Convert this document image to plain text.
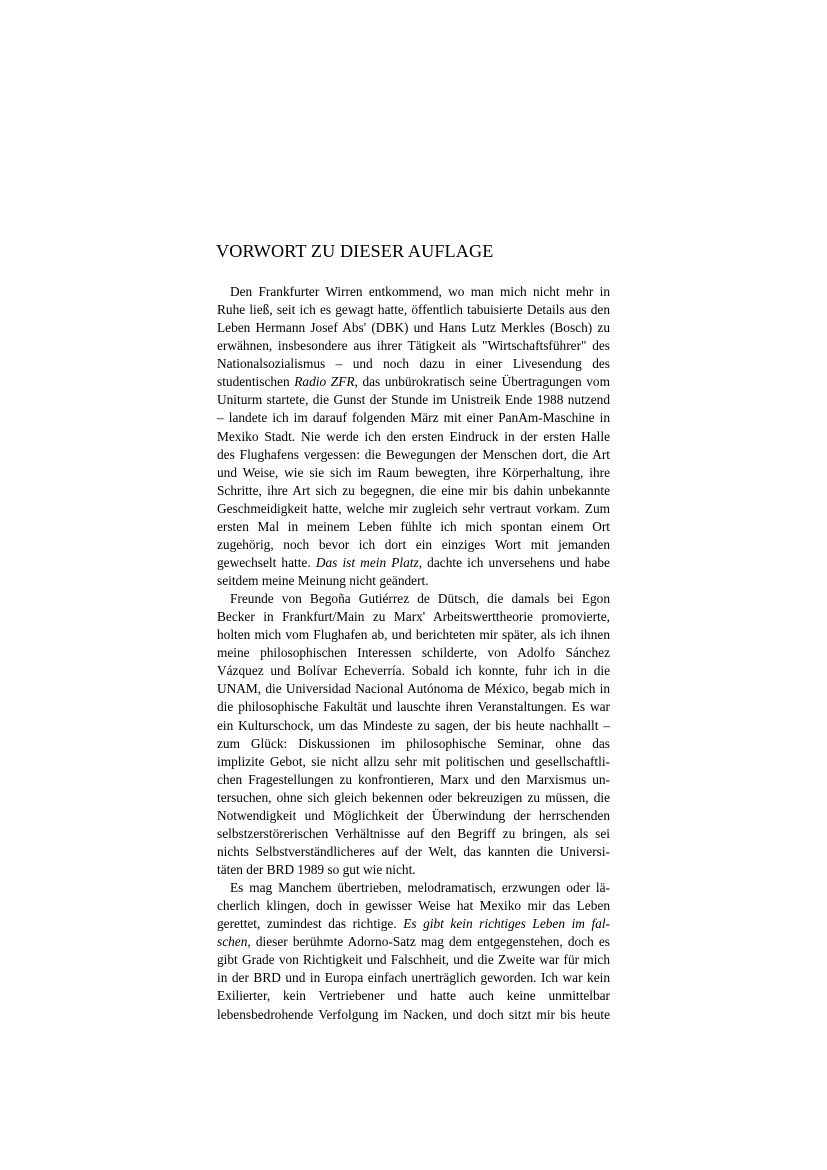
VORWORT ZU DIESER AUFLAGE
Den Frankfurter Wirren entkommend, wo man mich nicht mehr in
Ruhe ließ, seit ich es gewagt hatte, öffentlich tabuisierte Details aus den
Leben Hermann Josef Abs' (DBK) und Hans Lutz Merkles (Bosch) zu
erwähnen, insbesondere aus ihrer Tätigkeit als "Wirtschaftsführer" des
Nationalsozialismus – und noch dazu in einer Livesendung des
studentischen Radio ZFR, das unbürokratisch seine Übertragungen vom
Uniturm startete, die Gunst der Stunde im Unistreik Ende 1988 nutzend
– landete ich im darauf folgenden März mit einer PanAm-Maschine in
Mexiko Stadt. Nie werde ich den ersten Eindruck in der ersten Halle
des Flughafens vergessen: die Bewegungen der Menschen dort, die Art
und Weise, wie sie sich im Raum bewegten, ihre Körperhaltung, ihre
Schritte, ihre Art sich zu begegnen, die eine mir bis dahin unbekannte
Geschmeidigkeit hatte, welche mir zugleich sehr vertraut vorkam. Zum
ersten Mal in meinem Leben fühlte ich mich spontan einem Ort
zugehörig, noch bevor ich dort ein einziges Wort mit jemanden
gewechselt hatte. Das ist mein Platz, dachte ich unversehens und habe
seitdem meine Meinung nicht geändert.
Freunde von Begoña Gutiérrez de Dütsch, die damals bei Egon
Becker in Frankfurt/Main zu Marx' Arbeitswerttheorie promovierte,
holten mich vom Flughafen ab, und berichteten mir später, als ich ihnen
meine philosophischen Interessen schilderte, von Adolfo Sánchez
Vázquez und Bolívar Echeverría. Sobald ich konnte, fuhr ich in die
UNAM, die Universidad Nacional Autónoma de México, begab mich in
die philosophische Fakultät und lauschte ihren Veranstaltungen. Es war
ein Kulturschock, um das Mindeste zu sagen, der bis heute nachhallt –
zum Glück: Diskussionen im philosophische Seminar, ohne das
implizite Gebot, sie nicht allzu sehr mit politischen und gesellschaftli-
chen Fragestellungen zu konfrontieren, Marx und den Marxismus un-
tersuchen, ohne sich gleich bekennen oder bekreuzigen zu müssen, die
Notwendigkeit und Möglichkeit der Überwindung der herrschenden
selbstzerstörerischen Verhältnisse auf den Begriff zu bringen, als sei
nichts Selbstverständlicheres auf der Welt, das kannten die Universi-
täten der BRD 1989 so gut wie nicht.
Es mag Manchem übertrieben, melodramatisch, erzwungen oder lä-
cherlich klingen, doch in gewisser Weise hat Mexiko mir das Leben
gerettet, zumindest das richtige. Es gibt kein richtiges Leben im fal-
schen, dieser berühmte Adorno-Satz mag dem entgegenstehen, doch es
gibt Grade von Richtigkeit und Falschheit, und die Zweite war für mich
in der BRD und in Europa einfach unerträglich geworden. Ich war kein
Exilierter, kein Vertriebener und hatte auch keine unmittelbar
lebensbedrohende Verfolgung im Nacken, und doch sitzt mir bis heute
